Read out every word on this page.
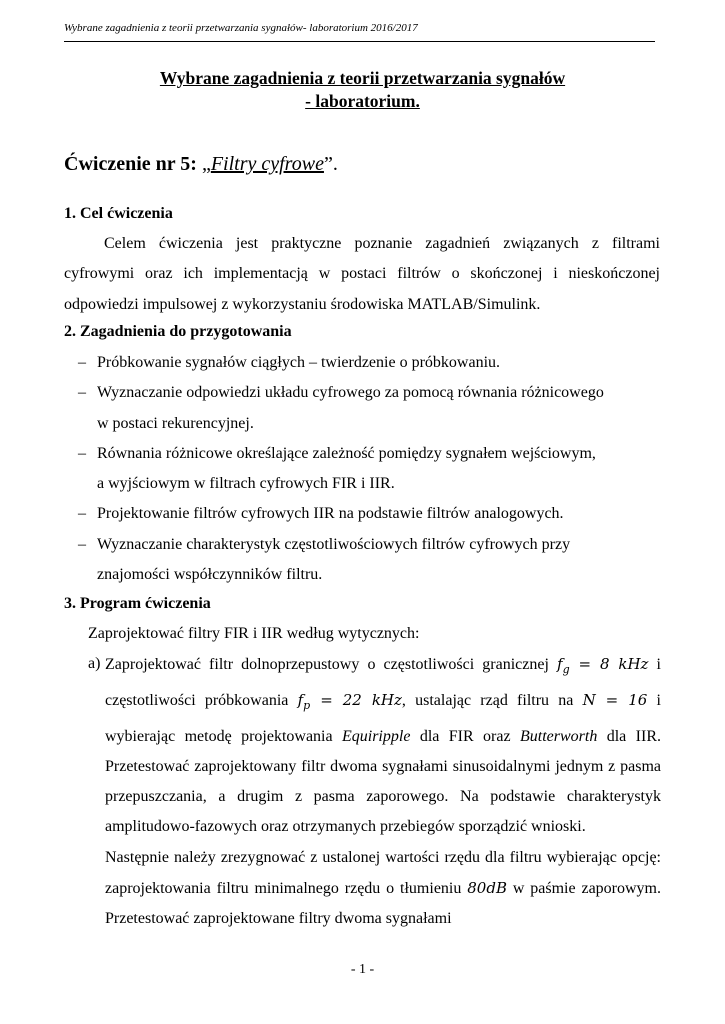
Wybrane zagadnienia z teorii przetwarzania sygnałów- laboratorium 2016/2017
Wybrane zagadnienia z teorii przetwarzania sygnałów
- laboratorium.
Ćwiczenie nr 5: „Filtry cyfrowe”.
1. Cel ćwiczenia

Celem ćwiczenia jest praktyczne poznanie zagadnień związanych z filtrami cyfrowymi oraz ich implementacją w postaci filtrów o skończonej i nieskończonej odpowiedzi impulsowej z wykorzystaniu środowiska MATLAB/Simulink.

2. Zagadnienia do przygotowania
– Próbkowanie sygnałów ciągłych – twierdzenie o próbkowaniu.
– Wyznaczanie odpowiedzi układu cyfrowego za pomocą równania różnicowego
w postaci rekurencyjnej.
– Równania różnicowe określające zależność pomiędzy sygnałem wejściowym,
a wyjściowym w filtrach cyfrowych FIR i IIR.
– Projektowanie filtrów cyfrowych IIR na podstawie filtrów analogowych.
– Wyznaczanie charakterystyk częstotliwościowych filtrów cyfrowych przy
znajomości współczynników filtru.
3. Program ćwiczenia
Zaprojektować filtry FIR i IIR według wytycznych:
a) Zaprojektować filtr dolnoprzepustowy o częstotliwości granicznej $f_g = 8$ kHz i częstotliwości próbkowania $f_p = 22$ kHz, ustalając rząd filtru na N = 16 i wybierając metodę projektowania Equiripple dla FIR oraz Butterworth dla IIR. Przetestować zaprojektowany filtr dwoma sygnałami sinusoidalnymi jednym z pasma przepuszczania, a drugim z pasma zaporowego. Na podstawie charakterystyk amplitudowo-fazowych oraz otrzymanych przebiegów sporządzić wnioski.
Następnie należy zrezygnować z ustalonej wartości rzędu dla filtru wybierając opcję: zaprojektowania filtru minimalnego rzędu o tłumieniu 80dB w paśmie zaporowym. Przetestować zaprojektowane filtry dwoma sygnałami
- 1 -
